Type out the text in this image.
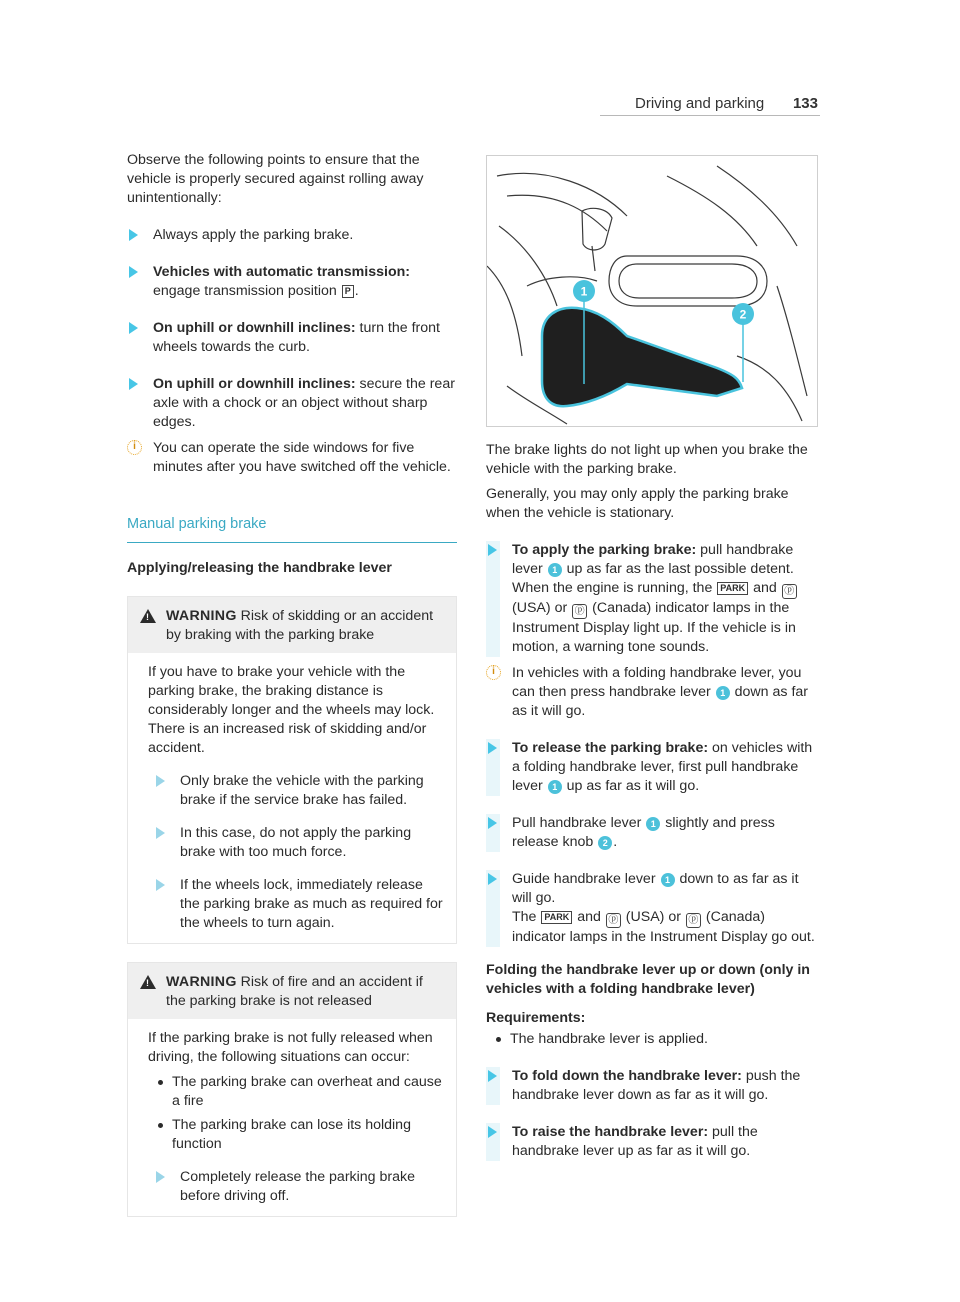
Driving and parking 133

Observe the following points to ensure that the vehicle is properly secured against rolling away unintentionally:

Always apply the parking brake.
Vehicles with automatic transmission:
engage transmission position P .
On uphill or downhill inclines: turn the front wheels towards the curb.
On uphill or downhill inclines: secure the rear axle with a chock or an object without sharp edges.
i	You can operate the side windows for five minutes after you have switched off the vehicle.
Manual parking brake
Applying/releasing the handbrake lever
!
WARNING Risk of skidding or an accident by braking with the parking brake

If you have to brake your vehicle with the parking brake, the braking distance is considerably longer and the wheels may lock. There is an increased risk of skidding and/or accident.

Only brake the vehicle with the parking brake if the service brake has failed.
In this case, do not apply the parking brake with too much force.
If the wheels lock, immediately release the parking brake as much as required for the wheels to turn again.
!
WARNING Risk of fire and an accident if the parking brake is not released

If the parking brake is not fully released when driving, the following situations can occur:

The parking brake can overheat and cause a fire
The parking brake can lose its holding function
Completely release the parking brake before driving off.
1
2

The brake lights do not light up when you brake the vehicle with the parking brake.

Generally, you may only apply the parking brake when the vehicle is stationary.

To apply the parking brake: pull handbrake lever 1 up as far as the last possible detent. When the engine is running, the PARK and ⓟ (USA) or ⓟ (Canada) indicator lamps in the Instrument Display light up. If the vehicle is in motion, a warning tone sounds.
i	In vehicles with a folding handbrake lever, you can then press handbrake lever 1 down as far as it will go.
To release the parking brake: on vehicles with a folding handbrake lever, first pull handbrake lever 1 up as far as it will go.
Pull handbrake lever 1 slightly and press release knob 2 .
Guide handbrake lever 1 down to as far as it will go.
The PARK and ⓟ (USA) or ⓟ (Canada) indicator lamps in the Instrument Display go out.
Folding the handbrake lever up or down (only in vehicles with a folding handbrake lever)

Requirements:

The handbrake lever is applied.
To fold down the handbrake lever: push the handbrake lever down as far as it will go.
To raise the handbrake lever: pull the handbrake lever up as far as it will go.
